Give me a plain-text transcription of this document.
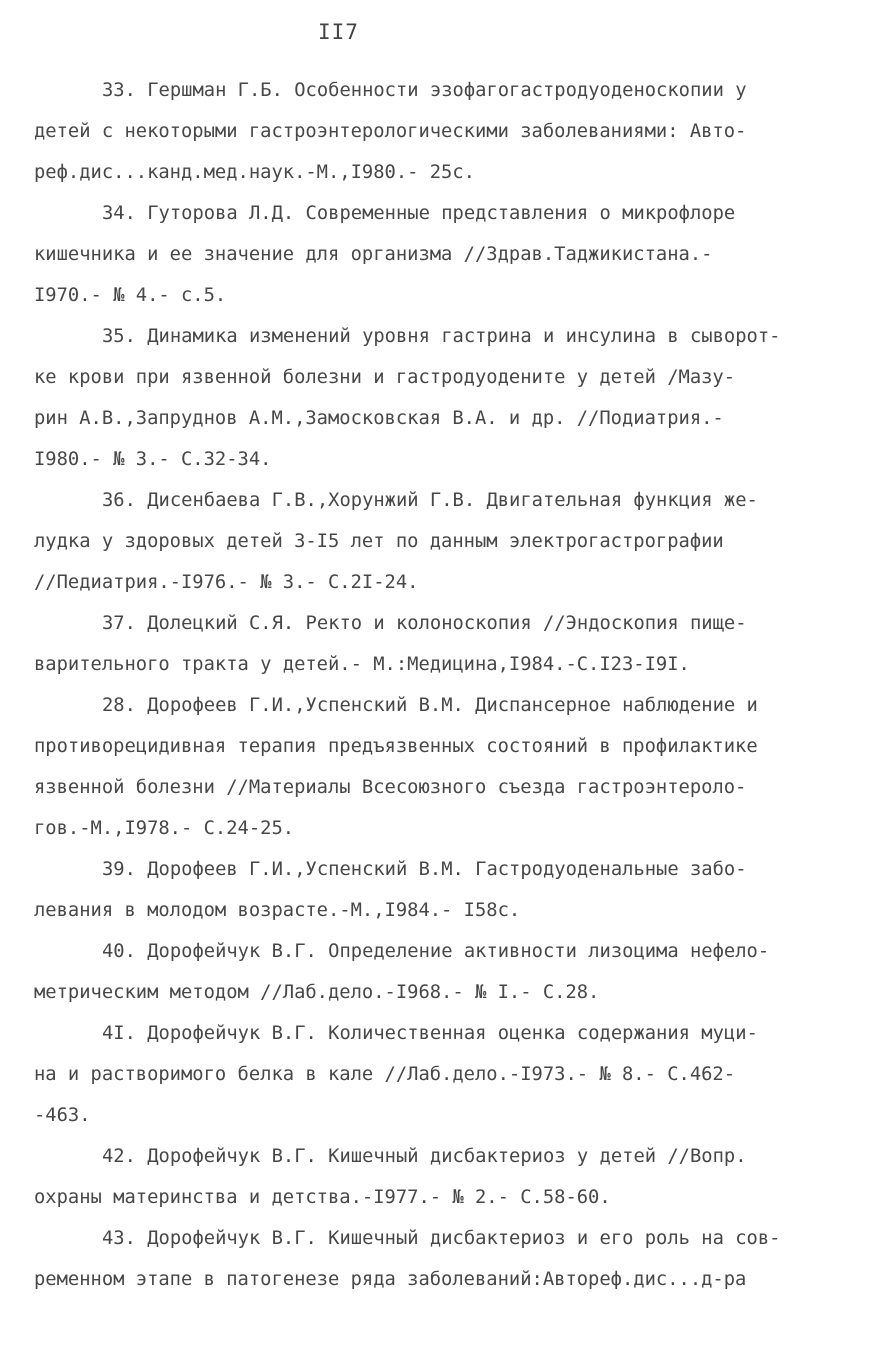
II7
33. Гершман Г.Б. Особенности эзофагогастродуоденоскопии у
детей с некоторыми гастроэнтерологическими заболеваниями: Авто-
реф.дис...канд.мед.наук.-М.,I980.- 25с.
34. Гуторова Л.Д. Современные представления о микрофлоре
кишечника и ее значение для организма //Здрав.Таджикистана.-
I970.- № 4.- с.5.
35. Динамика изменений уровня гастрина и инсулина в сыворот-
ке крови при язвенной болезни и гастродуодените у детей /Мазу-
рин А.В.,Запруднов А.М.,Замосковская В.А. и др. //Подиатрия.-
I980.- № 3.- С.32-34.
36. Дисенбаева Г.В.,Хорунжий Г.В. Двигательная функция же-
лудка у здоровых детей 3-I5 лет по данным электрогастрографии
//Педиатрия.-I976.- № 3.- С.2I-24.
37. Долецкий С.Я. Ректо и колоноскопия //Эндоскопия пище-
варительного тракта у детей.- М.:Медицина,I984.-С.I23-I9I.
28. Дорофеев Г.И.,Успенский В.М. Диспансерное наблюдение и
противорецидивная терапия предъязвенных состояний в профилактике
язвенной болезни //Материалы Всесоюзного съезда гастроэнтероло-
гов.-М.,I978.- С.24-25.
39. Дорофеев Г.И.,Успенский В.М. Гастродуоденальные забо-
левания в молодом возрасте.-М.,I984.- I58с.
40. Дорофейчук В.Г. Определение активности лизоцима нефело-
метрическим методом //Лаб.дело.-I968.- № I.- С.28.
4I. Дорофейчук В.Г. Количественная оценка содержания муци-
на и растворимого белка в кале //Лаб.дело.-I973.- № 8.- С.462-
-463.
42. Дорофейчук В.Г. Кишечный дисбактериоз у детей //Вопр.
охраны материнства и детства.-I977.- № 2.- С.58-60.
43. Дорофейчук В.Г. Кишечный дисбактериоз и его роль на сов-
ременном этапе в патогенезе ряда заболеваний:Автореф.дис...д-ра
